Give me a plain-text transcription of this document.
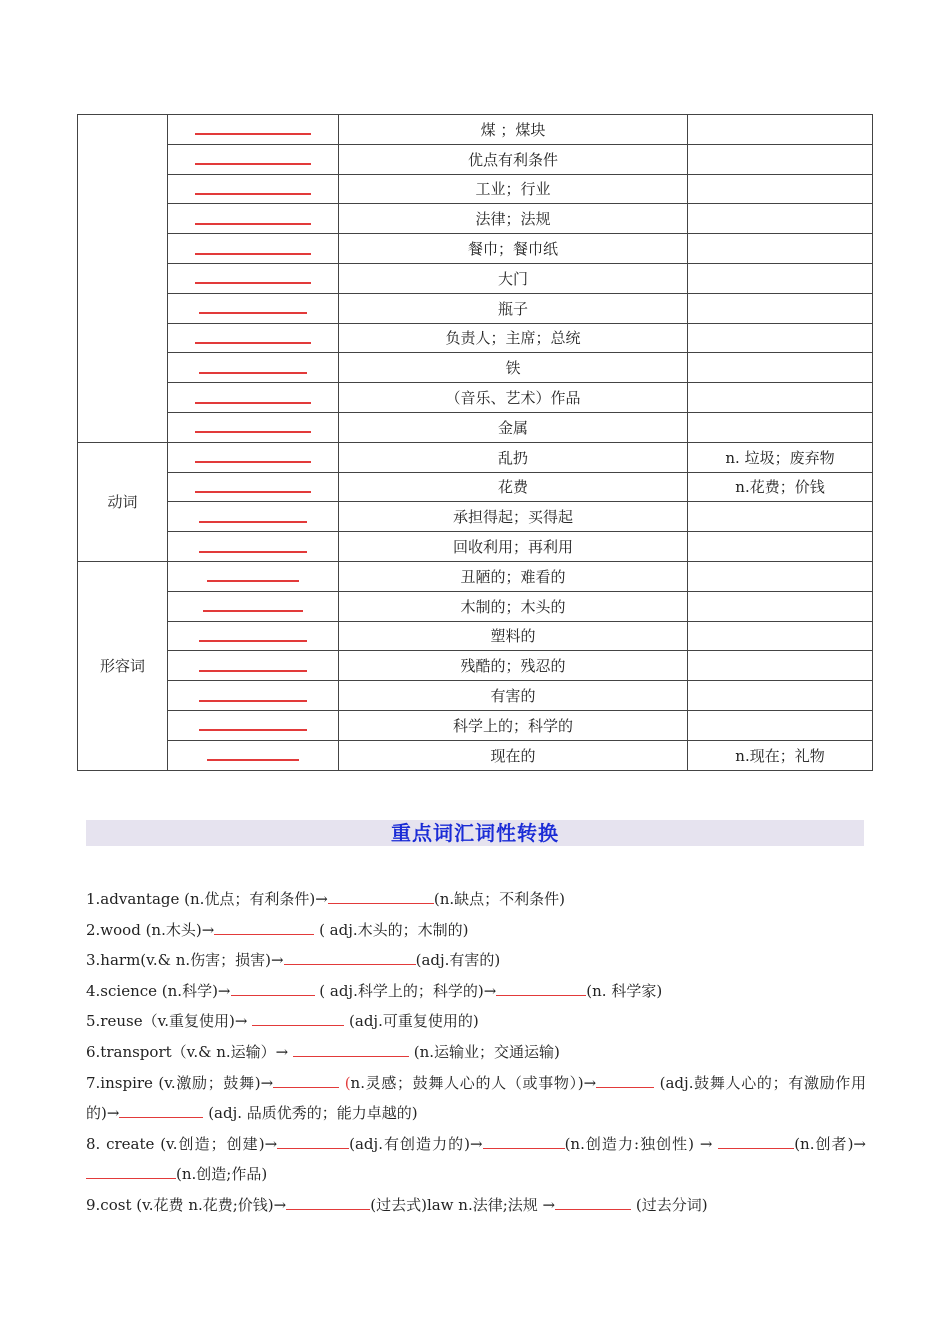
		煤 ；煤块	
		优点有利条件	
		工业；行业	
		法律；法规	
		餐巾；餐巾纸	
		大门	
		瓶子	
		负责人；主席；总统	
		铁	
		（音乐、艺术）作品	
		金属	
动词		乱扔	n. 垃圾；废弃物
		花费	n.花费；价钱
		承担得起；买得起	
		回收利用；再利用	
形容词		丑陋的；难看的	
		木制的；木头的	
		塑料的	
		残酷的；残忍的	
		有害的	
		科学上的；科学的	
		现在的	n.现在；礼物
重点词汇词性转换

1.advantage (n.优点；有利条件)→	(n.缺点；不利条件)

2.wood (n.木头)→	( adj.木头的；木制的)

3.harm(v.& n.伤害；损害)→	(adj.有害的)

4.science (n.科学)→	( adj.科学上的；科学的)→	(n. 科学家)

5.reuse（v.重复使用)→	(adj.可重复使用的)

6.transport（v.& n.运输）→	(n.运输业；交通运输)

7.inspire (v.激励；鼓舞)→	(n.灵感；鼓舞人心的人（或事物）)→	(adj.鼓舞人心的；有激励作用的)→	(adj. 品质优秀的；能力卓越的)

8. create (v.创造；创建)→	(adj.有创造力的)→	(n.创造力:独创性) →	(n.创者)→ (n.创造;作品)

9.cost (v.花费 n.花费;价钱)→	(过去式)law n.法律;法规 →	(过去分词)
